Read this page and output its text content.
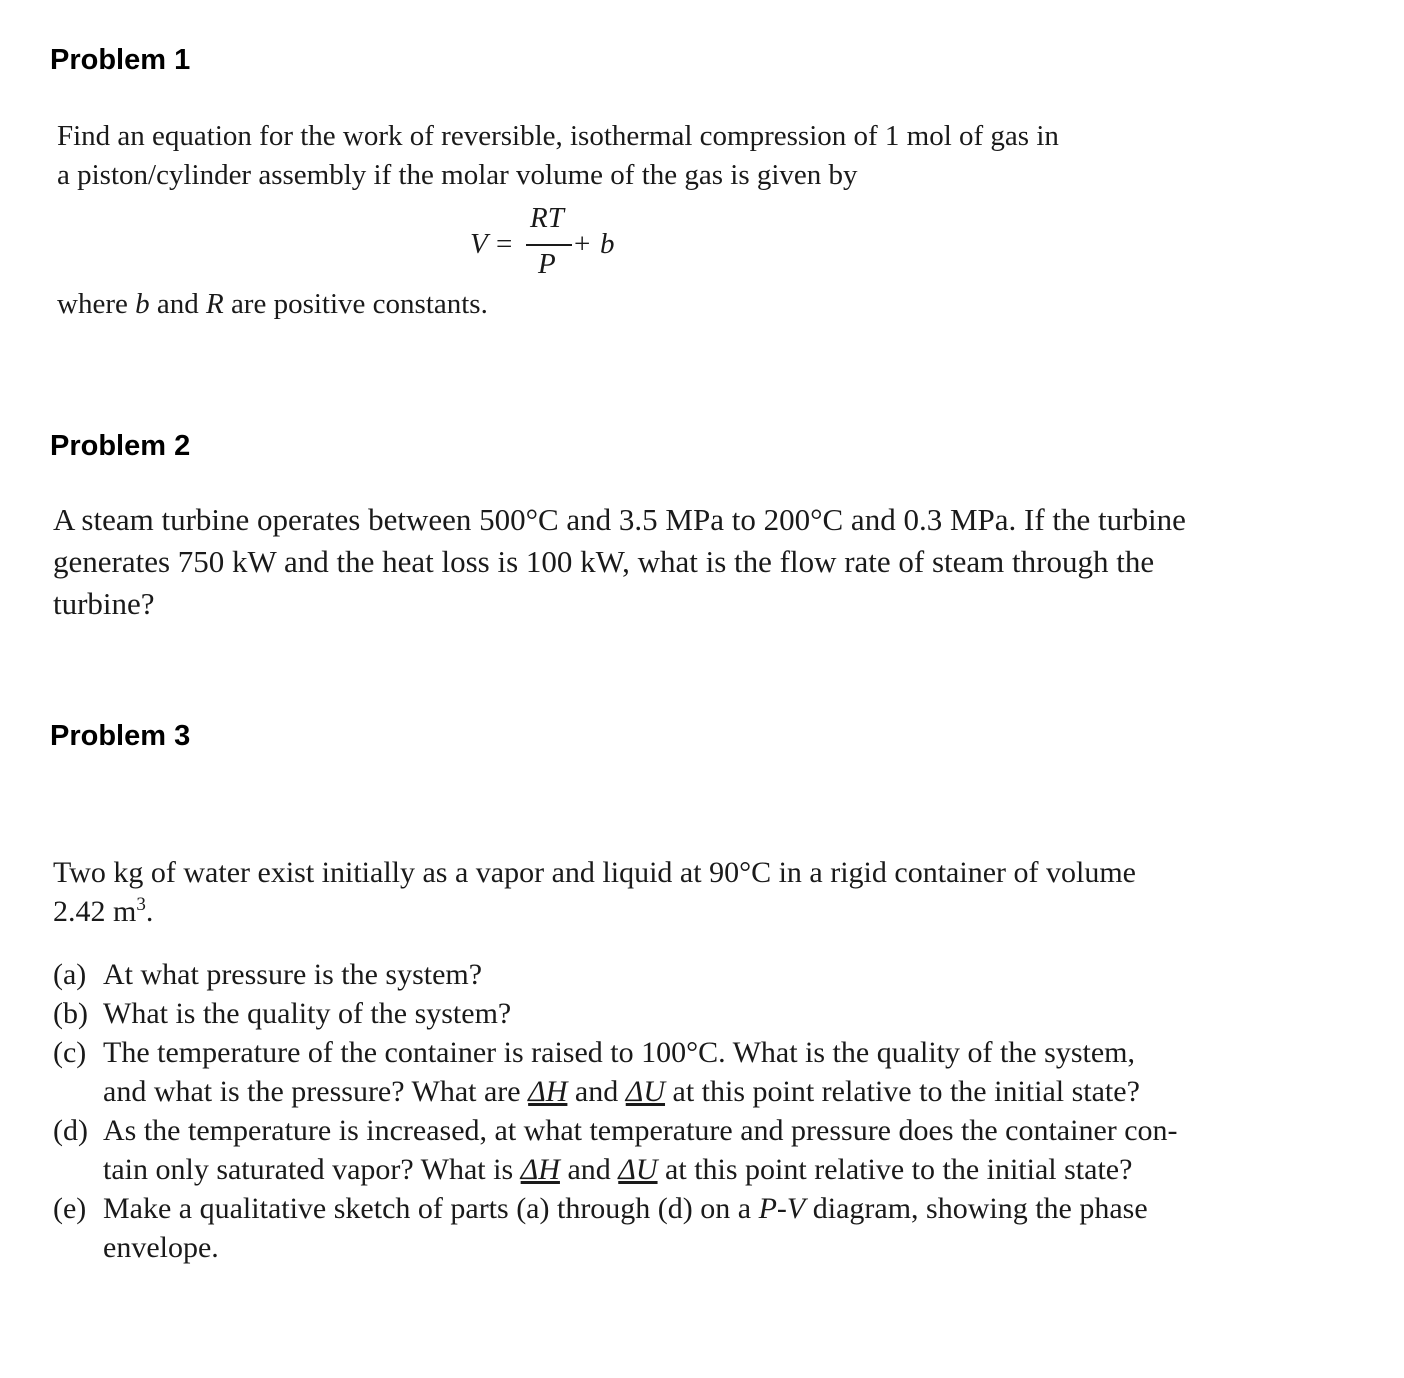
Problem 1
Find an equation for the work of reversible, isothermal compression of 1 mol of gas in
a piston/cylinder assembly if the molar volume of the gas is given by
V =
RT
P
+ b
where b and R are positive constants.
Problem 2
A steam turbine operates between 500°C and 3.5 MPa to 200°C and 0.3 MPa. If the turbine
generates 750 kW and the heat loss is 100 kW, what is the flow rate of steam through the
turbine?
Problem 3
Two kg of water exist initially as a vapor and liquid at 90°C in a rigid container of volume
2.42 $m^3$.
(a) At what pressure is the system?
(b) What is the quality of the system?
(c) The temperature of the container is raised to 100°C. What is the quality of the system,
and what is the pressure? What are ΔH and ΔU at this point relative to the initial state?
(d) As the temperature is increased, at what temperature and pressure does the container con-
tain only saturated vapor? What is ΔH and ΔU at this point relative to the initial state?
(e) Make a qualitative sketch of parts (a) through (d) on a P-V diagram, showing the phase
envelope.
